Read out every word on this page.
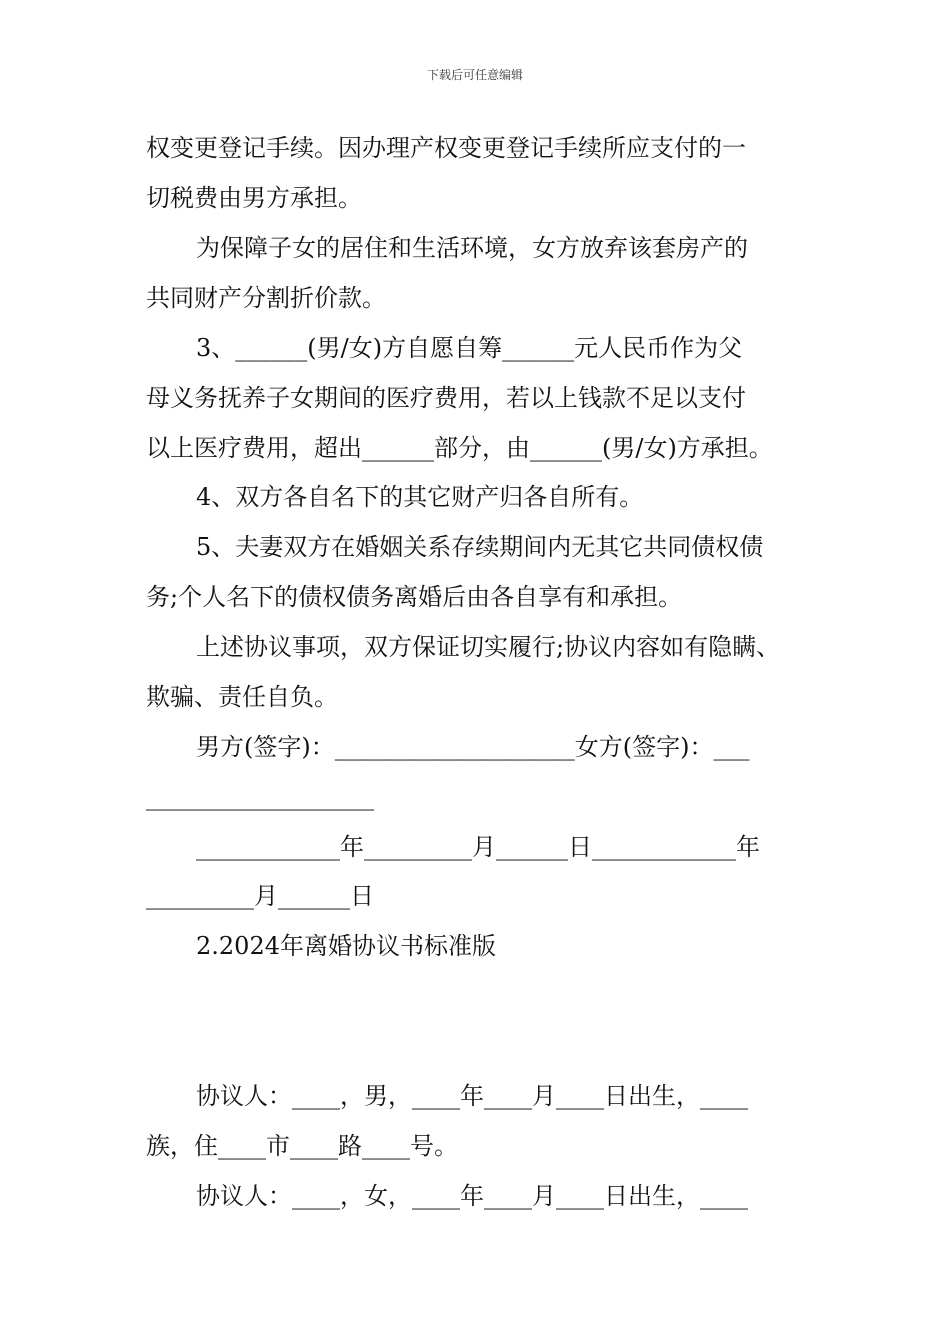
下载后可任意编辑
权变更登记手续。因办理产权变更登记手续所应支付的一
切税费由男方承担。
为保障子女的居住和生活环境，女方放弃该套房产的
共同财产分割折价款。
3、______(男/女)方自愿自筹______元人民币作为父
母义务抚养子女期间的医疗费用，若以上钱款不足以支付
以上医疗费用，超出______部分，由______(男/女)方承担。
4、双方各自名下的其它财产归各自所有。
5、夫妻双方在婚姻关系存续期间内无其它共同债权债
务;个人名下的债权债务离婚后由各自享有和承担。
上述协议事项，双方保证切实履行;协议内容如有隐瞒、
欺骗、责任自负。
男方(签字)：____________________女方(签字)：___
___________________
____________年_________月______日____________年
_________月______日
2.2024年离婚协议书标准版
协议人：____，男，____年____月____日出生，____
族，住____市____路____号。
协议人：____，女，____年____月____日出生，____
